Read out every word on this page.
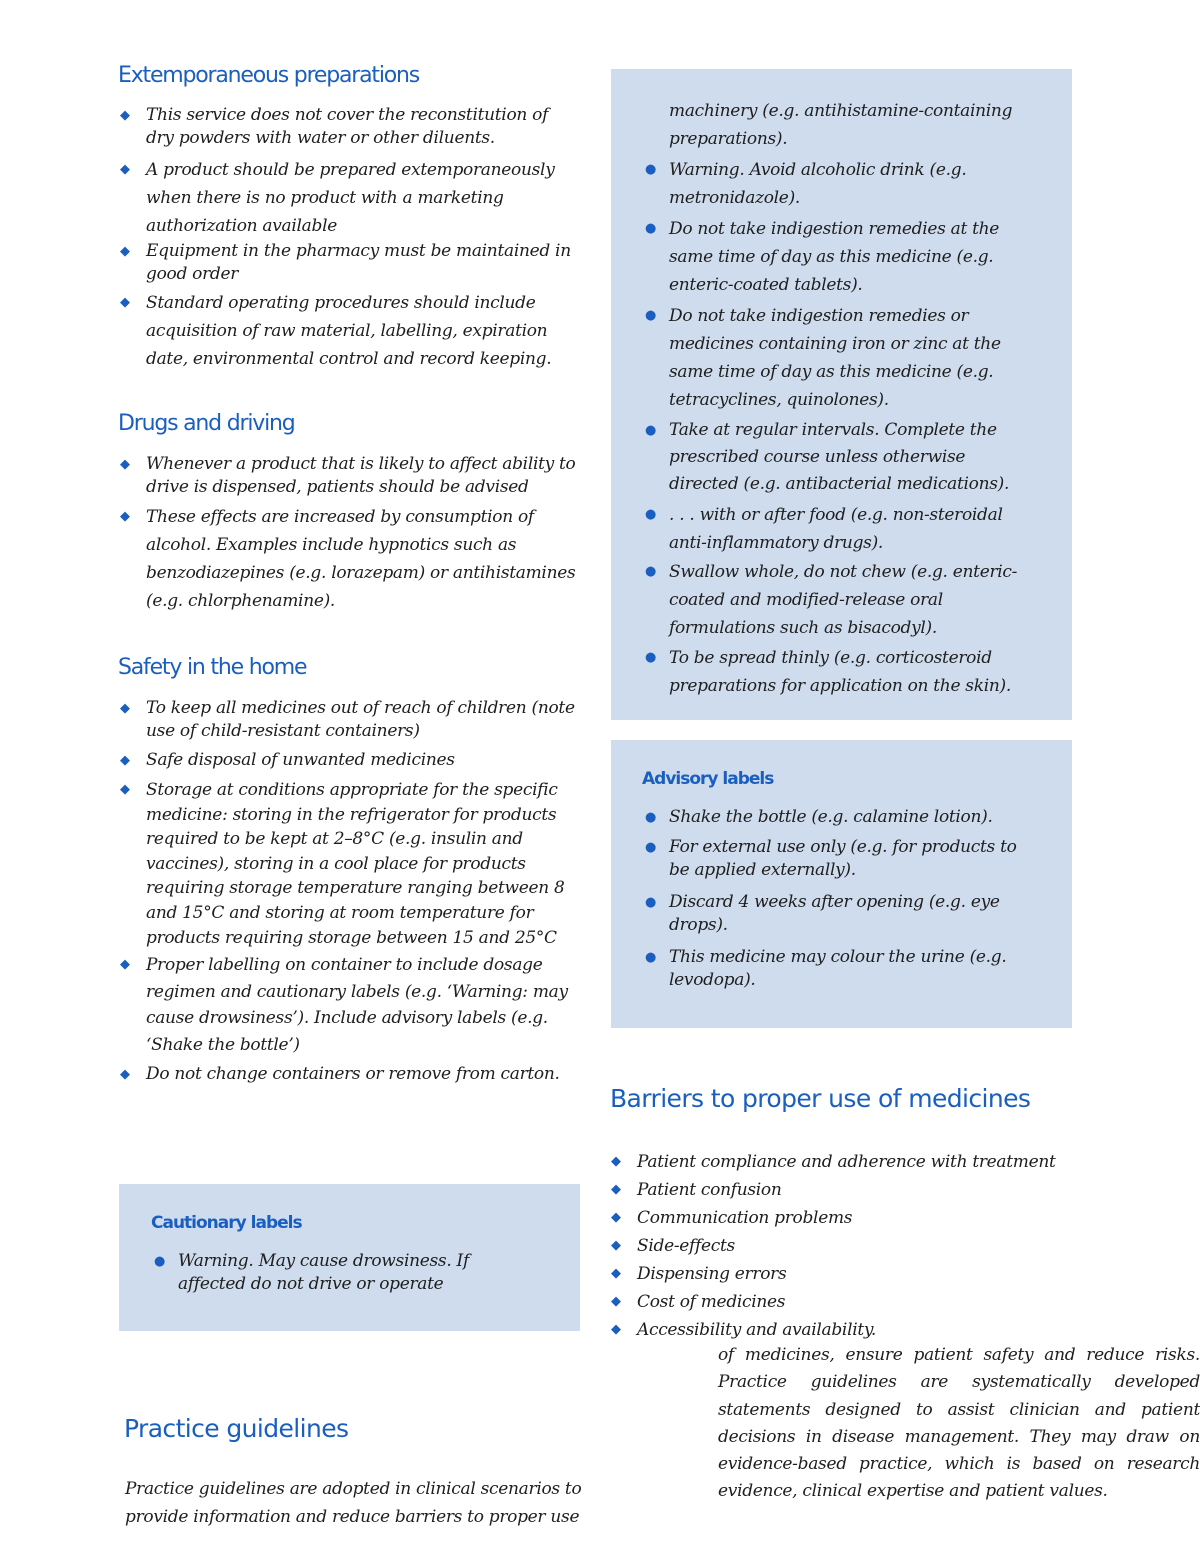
Extemporaneous preparations
◆ This service does not cover the reconstitution of dry powders with water or other diluents.
◆ A product should be prepared extemporaneously when there is no product with a marketing authorization available
◆ Equipment in the pharmacy must be maintained in good order
◆ Standard operating procedures should include acquisition of raw material, labelling, expiration date, environmental control and record keeping.
Drugs and driving
◆ Whenever a product that is likely to affect ability to drive is dispensed, patients should be advised
◆ These effects are increased by consumption of alcohol. Examples include hypnotics such as benzodiazepines (e.g. lorazepam) or antihistamines (e.g. chlorphenamine).
Safety in the home
◆ To keep all medicines out of reach of children (note use of child-resistant containers)
◆ Safe disposal of unwanted medicines
◆ Storage at conditions appropriate for the specific medicine: storing in the refrigerator for products required to be kept at 2–8°C (e.g. insulin and vaccines), storing in a cool place for products requiring storage temperature ranging between 8 and 15°C and storing at room temperature for products requiring storage between 15 and 25°C
◆ Proper labelling on container to include dosage regimen and cautionary labels (e.g. ‘Warning: may cause drowsiness’). Include advisory labels (e.g. ‘Shake the bottle’)
◆ Do not change containers or remove from carton.
Cautionary labels
● Warning. May cause drowsiness. If affected do not drive or operate
Practice guidelines

Practice guidelines are adopted in clinical scenarios to provide information and reduce barriers to proper use

machinery (e.g. antihistamine-containing preparations).
● Warning. Avoid alcoholic drink (e.g. metronidazole).
● Do not take indigestion remedies at the same time of day as this medicine (e.g. enteric-coated tablets).
● Do not take indigestion remedies or medicines containing iron or zinc at the same time of day as this medicine (e.g. tetracyclines, quinolones).
● Take at regular intervals. Complete the prescribed course unless otherwise directed (e.g. antibacterial medications).
● . . . with or after food (e.g. non-steroidal anti-inflammatory drugs).
● Swallow whole, do not chew (e.g. enteric-coated and modified-release oral formulations such as bisacodyl).
● To be spread thinly (e.g. corticosteroid preparations for application on the skin).
Advisory labels
● Shake the bottle (e.g. calamine lotion).
● For external use only (e.g. for products to be applied externally).
● Discard 4 weeks after opening (e.g. eye drops).
● This medicine may colour the urine (e.g. levodopa).
Barriers to proper use of medicines
◆ Patient compliance and adherence with treatment
◆ Patient confusion
◆ Communication problems
◆ Side-effects
◆ Dispensing errors
◆ Cost of medicines
◆ Accessibility and availability.

of medicines, ensure patient safety and reduce risks. Practice guidelines are systematically developed statements designed to assist clinician and patient decisions in disease management. They may draw on evidence-based practice, which is based on research evidence, clinical expertise and patient values.
